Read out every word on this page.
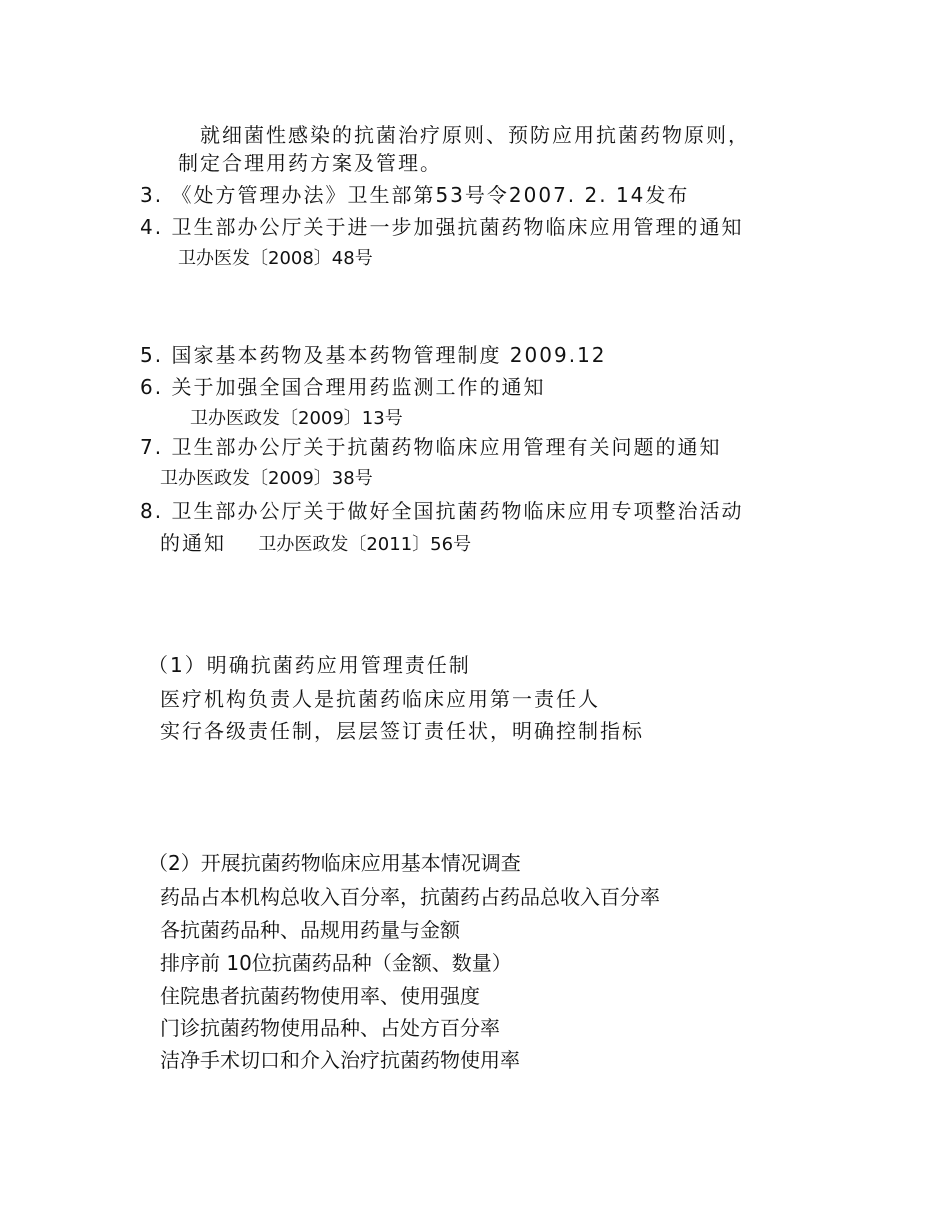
就细菌性感染的抗菌治疗原则、预防应用抗菌药物原则，
制定合理用药方案及管理。
3. 《处方管理办法》卫生部第53号令2007. 2. 14发布
4. 卫生部办公厅关于进一步加强抗菌药物临床应用管理的通知
卫办医发〔2008〕48号
5. 国家基本药物及基本药物管理制度 2009.12
6. 关于加强全国合理用药监测工作的通知
卫办医政发〔2009〕13号
7. 卫生部办公厅关于抗菌药物临床应用管理有关问题的通知
卫办医政发〔2009〕38号
8. 卫生部办公厅关于做好全国抗菌药物临床应用专项整治活动
的通知 卫办医政发〔2011〕56号
（1）明确抗菌药应用管理责任制
医疗机构负责人是抗菌药临床应用第一责任人
实行各级责任制，层层签订责任状，明确控制指标
（2）开展抗菌药物临床应用基本情况调查
药品占本机构总收入百分率，抗菌药占药品总收入百分率
各抗菌药品种、品规用药量与金额
排序前 10位抗菌药品种（金额、数量）
住院患者抗菌药物使用率、使用强度
门诊抗菌药物使用品种、占处方百分率
洁净手术切口和介入治疗抗菌药物使用率
